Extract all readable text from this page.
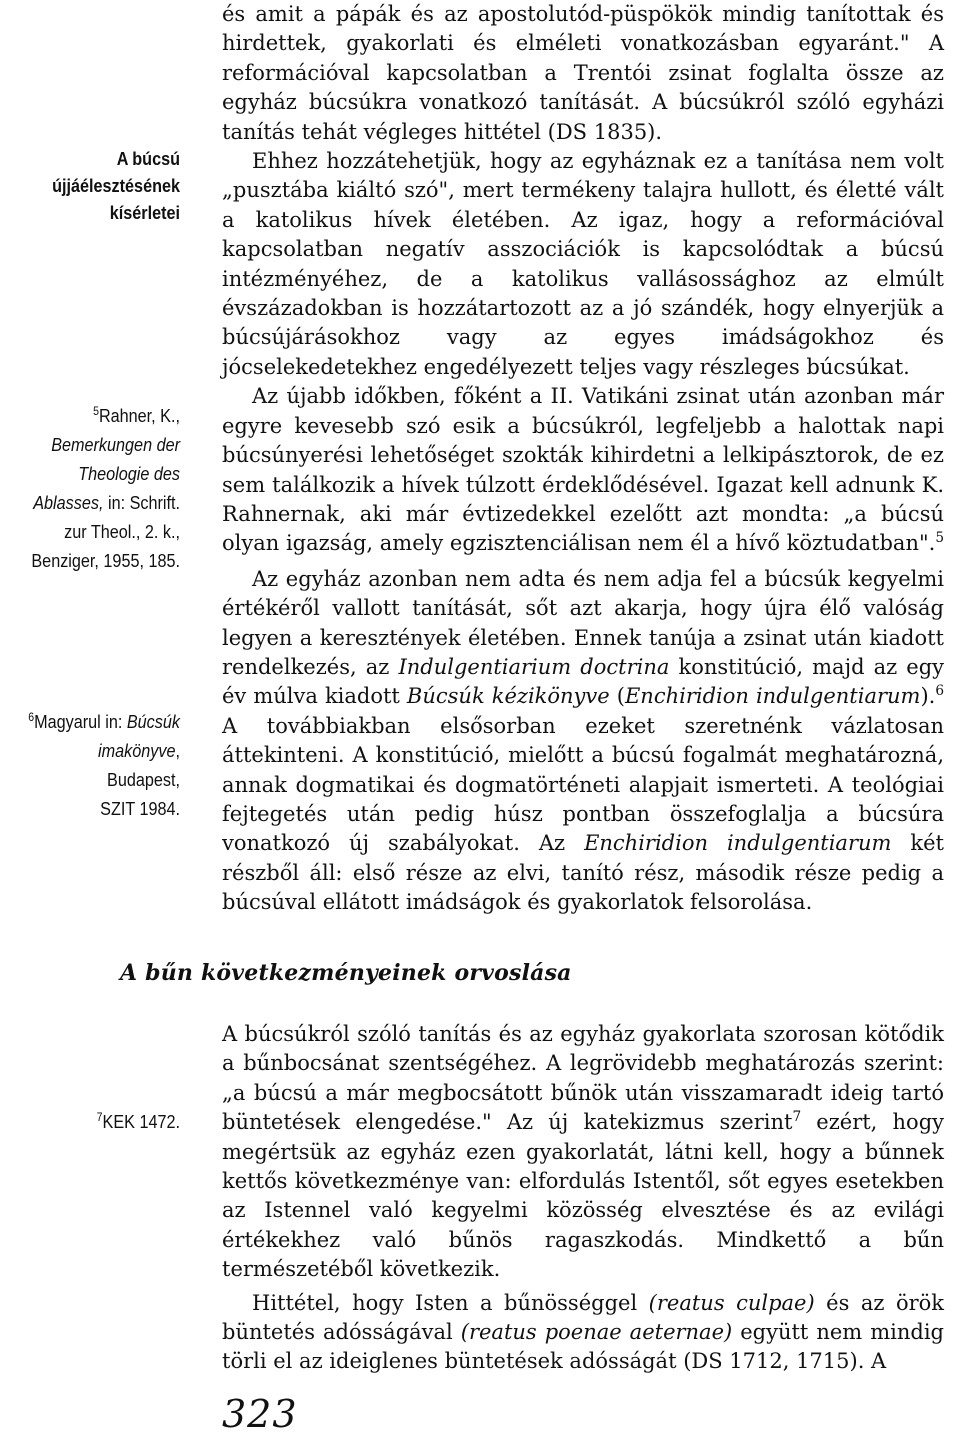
A búcsú
újjáélesztésének
kísérletei
$^5$Rahner, K.,
Bemerkungen der
Theologie des
Ablasses, in: Schrift.
zur Theol., 2. k.,
Benziger, 1955, 185.
$^6$Magyarul in: Búcsúk
imakönyve, Budapest,
SZIT 1984.
$^7$KEK 1472.

és amit a pápák és az apostolutód-püspökök mindig tanítottak és hirdettek, gyakorlati és elméleti vonatkozásban egyaránt." A reformációval kapcsolatban a Trentói zsinat foglalta össze az egyház búcsúkra vonatkozó tanítását. A búcsúkról szóló egyházi tanítás tehát végleges hittétel (DS 1835).

Ehhez hozzátehetjük, hogy az egyháznak ez a tanítása nem volt „pusztába kiáltó szó", mert termékeny talajra hullott, és életté vált a katolikus hívek életében. Az igaz, hogy a reformációval kapcsolatban negatív asszociációk is kapcsolódtak a búcsú intézményéhez, de a katolikus vallásossághoz az elmúlt évszázadokban is hozzátartozott az a jó szándék, hogy elnyerjük a búcsújárásokhoz vagy az egyes imádságokhoz és jócselekedetekhez engedélyezett teljes vagy részleges búcsúkat.

Az újabb időkben, főként a II. Vatikáni zsinat után azonban már egyre kevesebb szó esik a búcsúkról, legfeljebb a halottak napi búcsúnyerési lehetőséget szokták kihirdetni a lelkipásztorok, de ez sem találkozik a hívek túlzott érdeklődésével. Igazat kell adnunk K. Rahnernak, aki már évtizedekkel ezelőtt azt mondta: „a búcsú olyan igazság, amely egzisztenciálisan nem él a hívő köztudatban".$^5$

Az egyház azonban nem adta és nem adja fel a búcsúk kegyelmi értékéről vallott tanítását, sőt azt akarja, hogy újra élő valóság legyen a keresztények életében. Ennek tanúja a zsinat után kiadott rendelkezés, az Indulgentiarium doctrina konstitúció, majd az egy év múlva kiadott Búcsúk kézikönyve (Enchiridion indulgentiarum).$^6$ A továbbiakban elsősorban ezeket szeretnénk vázlatosan áttekinteni. A konstitúció, mielőtt a búcsú fogalmát meghatározná, annak dogmatikai és dogmatörténeti alapjait ismerteti. A teológiai fejtegetés után pedig húsz pontban összefoglalja a búcsúra vonatkozó új szabályokat. Az Enchiridion indulgentiarum két részből áll: első része az elvi, tanító rész, második része pedig a búcsúval ellátott imádságok és gyakorlatok felsorolása.

A bűn következményeinek orvoslása

A búcsúkról szóló tanítás és az egyház gyakorlata szorosan kötődik a bűnbocsánat szentségéhez. A legrövidebb meghatározás szerint: „a búcsú a már megbocsátott bűnök után visszamaradt ideig tartó büntetések elengedése." Az új katekizmus szerint$^7$ ezért, hogy megértsük az egyház ezen gyakorlatát, látni kell, hogy a bűnnek kettős következménye van: elfordulás Istentől, sőt egyes esetekben az Istennel való kegyelmi közösség elvesztése és az evilági értékekhez való bűnös ragaszkodás. Mindkettő a bűn természetéből következik.

Hittétel, hogy Isten a bűnösséggel (reatus culpae) és az örök büntetés adósságával (reatus poenae aeternae) együtt nem mindig törli el az ideiglenes büntetések adósságát (DS 1712, 1715). A

323
